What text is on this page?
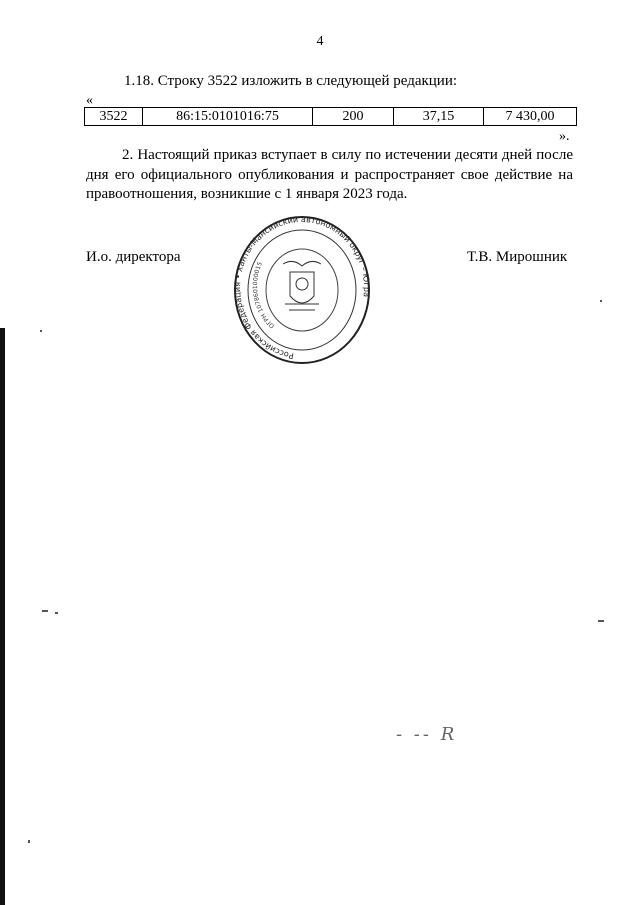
4
1.18. Строку 3522 изложить в следующей редакции:
«
3522	86:15:0101016:75	200	37,15	7 430,00
».
2. Настоящий приказ вступает в силу по истечении десяти дней после дня его официального опубликования и распространяет свое действие на правоотношения, возникшие с 1 января 2023 года.
И.о. директора	Т.В. Мирошник
Российская Федерация • Ханты-Мансийский автономный округ – Югра
ОГРН 1078601000015
- -- R
